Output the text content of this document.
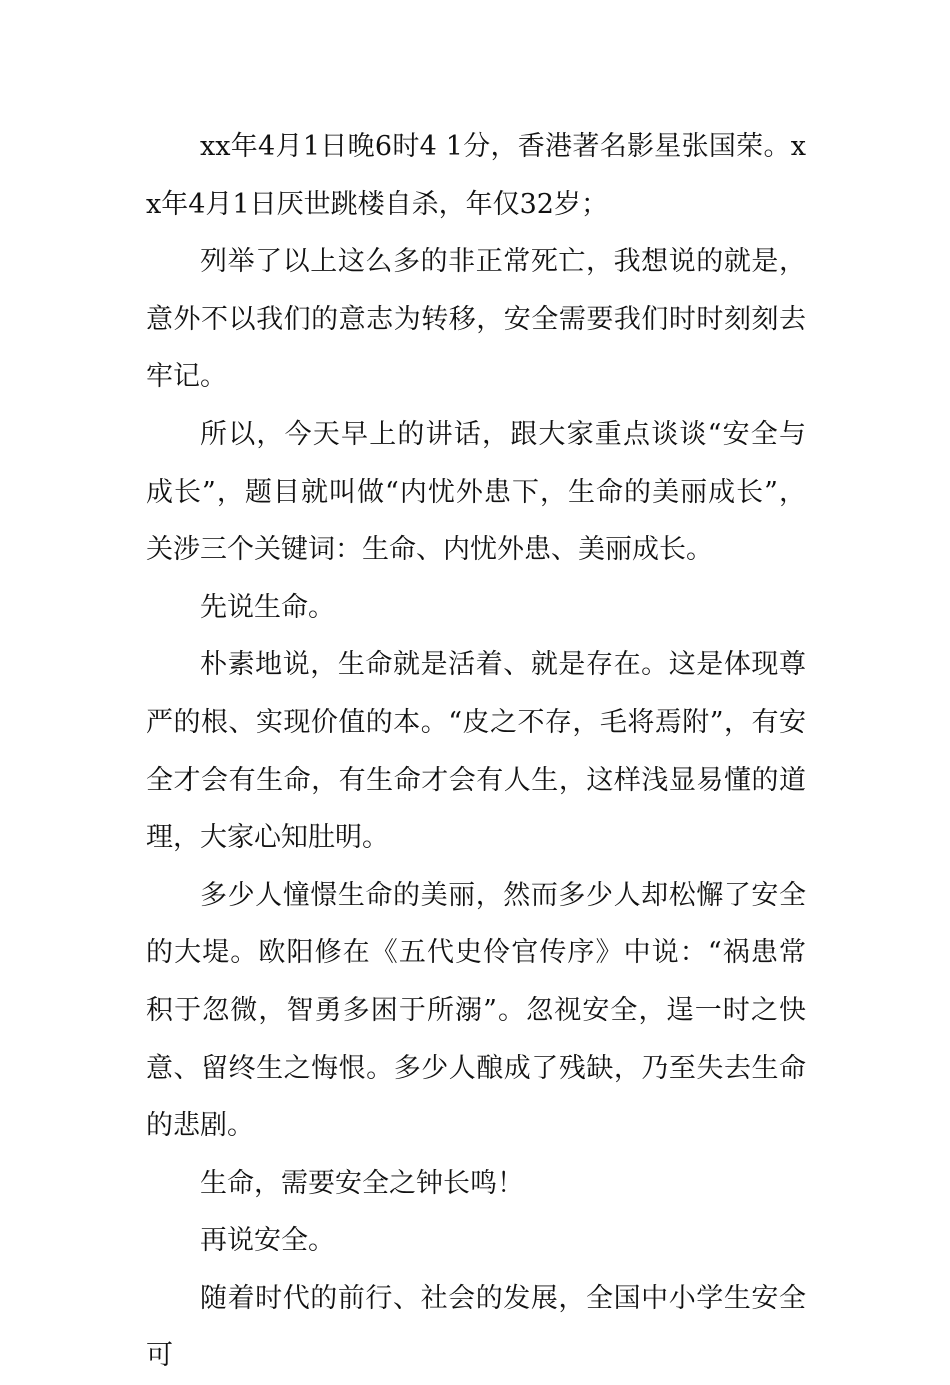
xx年4月1日晚6时4 1分，香港著名影星张国荣。xx年4月1日厌世跳楼自杀，年仅32岁；

列举了以上这么多的非正常死亡，我想说的就是，意外不以我们的意志为转移，安全需要我们时时刻刻去牢记。

所以，今天早上的讲话，跟大家重点谈谈“安全与成长”，题目就叫做“内忧外患下，生命的美丽成长”，关涉三个关键词：生命、内忧外患、美丽成长。

先说生命。

朴素地说，生命就是活着、就是存在。这是体现尊严的根、实现价值的本。“皮之不存，毛将焉附”，有安全才会有生命，有生命才会有人生，这样浅显易懂的道理，大家心知肚明。

多少人憧憬生命的美丽，然而多少人却松懈了安全的大堤。欧阳修在《五代史伶官传序》中说：“祸患常积于忽微，智勇多困于所溺”。忽视安全，逞一时之快意、留终生之悔恨。多少人酿成了残缺，乃至失去生命的悲剧。

生命，需要安全之钟长鸣！

再说安全。

随着时代的前行、社会的发展，全国中小学生安全可
